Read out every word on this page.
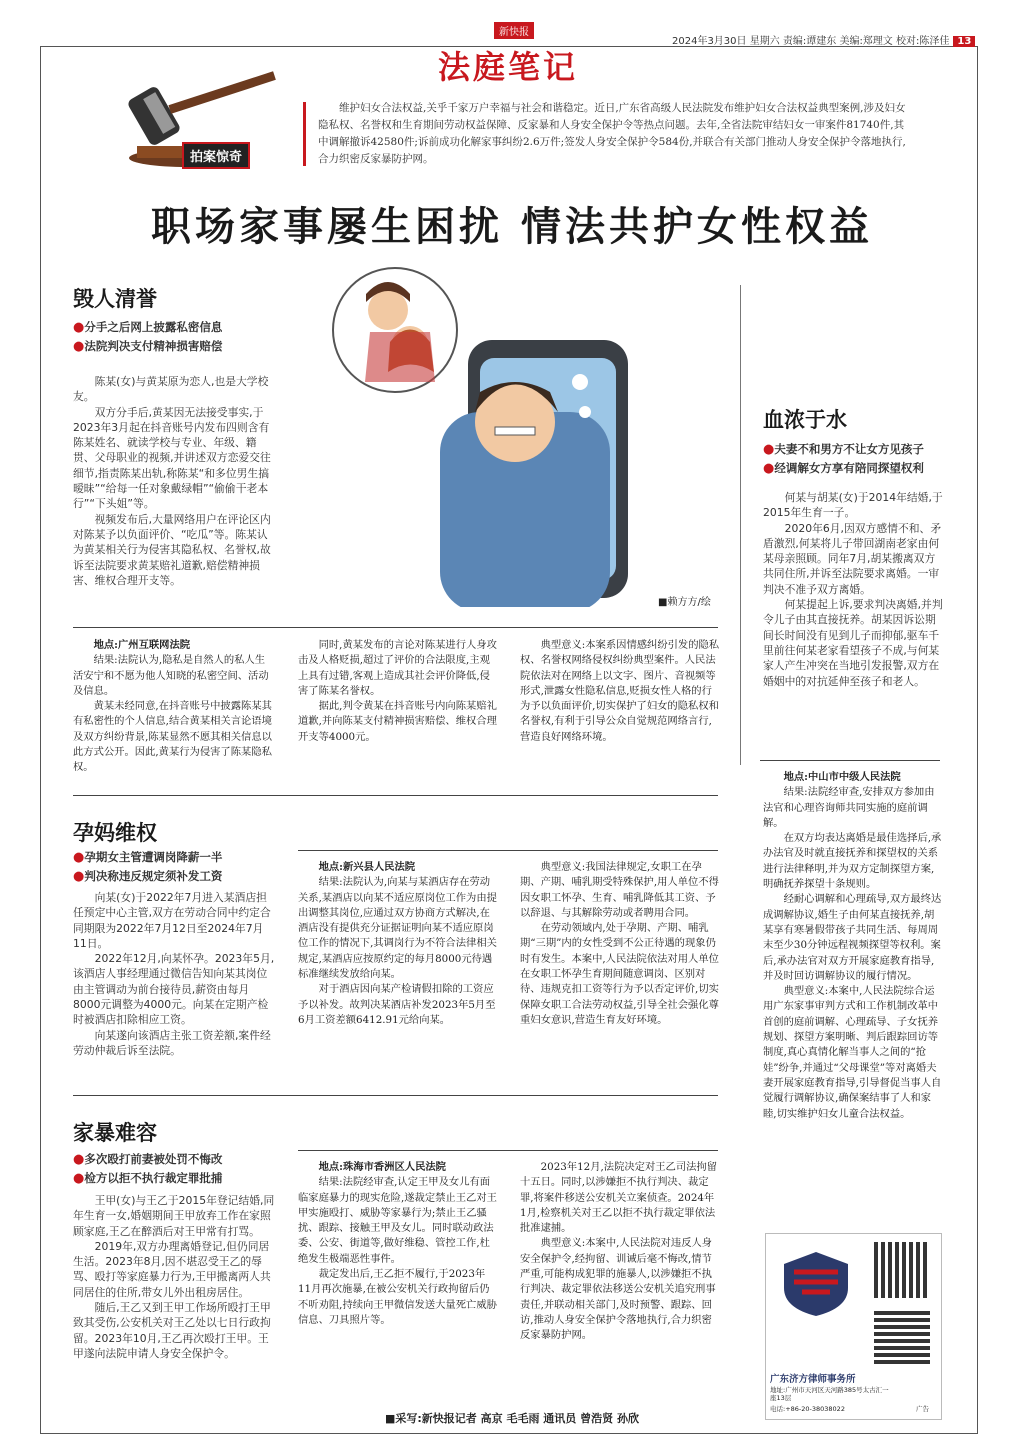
新快报
2024年3月30日 星期六 责编:谭建东 美编:郑理文 校对:陈泽佳 13
法庭笔记
拍案惊奇
维护妇女合法权益,关乎千家万户幸福与社会和谐稳定。近日,广东省高级人民法院发布维护妇女合法权益典型案例,涉及妇女隐私权、名誉权和生育期间劳动权益保障、反家暴和人身安全保护令等热点问题。去年,全省法院审结妇女一审案件81740件,其中调解撤诉42580件;诉前成功化解家事纠纷2.6万件;签发人身安全保护令584份,并联合有关部门推动人身安全保护令落地执行,合力织密反家暴防护网。
职场家事屡生困扰 情法共护女性权益
■赖方方/绘
毁人清誉
●分手之后网上披露私密信息
●法院判决支付精神损害赔偿

陈某(女)与黄某原为恋人,也是大学校友。

双方分手后,黄某因无法接受事实,于2023年3月起在抖音账号内发布四则含有陈某姓名、就读学校与专业、年级、籍贯、父母职业的视频,并讲述双方恋爱交往细节,指责陈某出轨,称陈某“和多位男生搞暧昧”“给每一任对象戴绿帽”“偷偷干老本行”“下头姐”等。

视频发布后,大量网络用户在评论区内对陈某予以负面评价、“吃瓜”等。陈某认为黄某相关行为侵害其隐私权、名誉权,故诉至法院要求黄某赔礼道歉,赔偿精神损害、维权合理开支等。

地点:广州互联网法院

结果:法院认为,隐私是自然人的私人生活安宁和不愿为他人知晓的私密空间、活动及信息。

黄某未经同意,在抖音账号中披露陈某其有私密性的个人信息,结合黄某相关言论语境及双方纠纷背景,陈某显然不愿其相关信息以此方式公开。因此,黄某行为侵害了陈某隐私权。

同时,黄某发布的言论对陈某进行人身攻击及人格贬损,超过了评价的合法限度,主观上具有过错,客观上造成其社会评价降低,侵害了陈某名誉权。

据此,判令黄某在抖音账号内向陈某赔礼道歉,并向陈某支付精神损害赔偿、维权合理开支等4000元。

典型意义:本案系因情感纠纷引发的隐私权、名誉权网络侵权纠纷典型案件。人民法院依法对在网络上以文字、图片、音视频等形式,泄露女性隐私信息,贬损女性人格的行为予以负面评价,切实保护了妇女的隐私权和名誉权,有利于引导公众自觉规范网络言行,营造良好网络环境。

孕妈维权
●孕期女主管遭调岗降薪一半
●判决称违反规定须补发工资

向某(女)于2022年7月进入某酒店担任预定中心主管,双方在劳动合同中约定合同期限为2022年7月12日至2024年7月11日。

2022年12月,向某怀孕。2023年5月,该酒店人事经理通过微信告知向某其岗位由主管调动为前台接待员,薪资由每月8000元调整为4000元。向某在定期产检时被酒店扣除相应工资。

向某遂向该酒店主张工资差额,案件经劳动仲裁后诉至法院。

地点:新兴县人民法院

结果:法院认为,向某与某酒店存在劳动关系,某酒店以向某不适应原岗位工作为由提出调整其岗位,应通过双方协商方式解决,在酒店没有提供充分证据证明向某不适应原岗位工作的情况下,其调岗行为不符合法律相关规定,某酒店应按原约定的每月8000元待遇标准继续发放给向某。

对于酒店因向某产检请假扣除的工资应予以补发。故判决某酒店补发2023年5月至6月工资差额6412.91元给向某。

典型意义:我国法律规定,女职工在孕期、产期、哺乳期受特殊保护,用人单位不得因女职工怀孕、生育、哺乳降低其工资、予以辞退、与其解除劳动或者聘用合同。

在劳动领域内,处于孕期、产期、哺乳期“三期”内的女性受到不公正待遇的现象仍时有发生。本案中,人民法院依法对用人单位在女职工怀孕生育期间随意调岗、区别对待、违规克扣工资等行为予以否定评价,切实保障女职工合法劳动权益,引导全社会强化尊重妇女意识,营造生育友好环境。

家暴难容
●多次殴打前妻被处罚不悔改
●检方以拒不执行裁定罪批捕

王甲(女)与王乙于2015年登记结婚,同年生育一女,婚姻期间王甲放弃工作在家照顾家庭,王乙在醉酒后对王甲常有打骂。

2019年,双方办理离婚登记,但仍同居生活。2023年8月,因不堪忍受王乙的辱骂、殴打等家庭暴力行为,王甲搬离两人共同居住的住所,带女儿外出租房居住。

随后,王乙又到王甲工作场所殴打王甲致其受伤,公安机关对王乙处以七日行政拘留。2023年10月,王乙再次殴打王甲。王甲遂向法院申请人身安全保护令。

地点:珠海市香洲区人民法院

结果:法院经审查,认定王甲及女儿有面临家庭暴力的现实危险,遂裁定禁止王乙对王甲实施殴打、威胁等家暴行为;禁止王乙骚扰、跟踪、接触王甲及女儿。同时联动政法委、公安、街道等,做好维稳、管控工作,杜绝发生极端恶性事件。

裁定发出后,王乙拒不履行,于2023年11月再次施暴,在被公安机关行政拘留后仍不听劝阻,持续向王甲微信发送大量死亡威胁信息、刀具照片等。

2023年12月,法院决定对王乙司法拘留十五日。同时,以涉嫌拒不执行判决、裁定罪,将案件移送公安机关立案侦查。2024年1月,检察机关对王乙以拒不执行裁定罪依法批准逮捕。

典型意义:本案中,人民法院对违反人身安全保护令,经拘留、训诫后毫不悔改,情节严重,可能构成犯罪的施暴人,以涉嫌拒不执行判决、裁定罪依法移送公安机关追究刑事责任,并联动相关部门,及时预警、跟踪、回访,推动人身安全保护令落地执行,合力织密反家暴防护网。

血浓于水
●夫妻不和男方不让女方见孩子
●经调解女方享有陪同探望权利

何某与胡某(女)于2014年结婚,于2015年生育一子。

2020年6月,因双方感情不和、矛盾激烈,何某将儿子带回湖南老家由何某母亲照顾。同年7月,胡某搬离双方共同住所,并诉至法院要求离婚。一审判决不准予双方离婚。

何某提起上诉,要求判决离婚,并判令儿子由其直接抚养。胡某因诉讼期间长时间没有见到儿子而抑郁,驱车千里前往何某老家看望孩子不成,与何某家人产生冲突在当地引发报警,双方在婚姻中的对抗延伸至孩子和老人。

地点:中山市中级人民法院

结果:法院经审查,安排双方参加由法官和心理咨询师共同实施的庭前调解。

在双方均表达离婚是最佳选择后,承办法官及时就直接抚养和探望权的关系进行法律释明,并为双方定制探望方案,明确抚养探望十条规则。

经耐心调解和心理疏导,双方最终达成调解协议,婚生子由何某直接抚养,胡某享有寒暑假带孩子共同生活、每周周末至少30分钟远程视频探望等权利。案后,承办法官对双方开展家庭教育指导,并及时回访调解协议的履行情况。

典型意义:本案中,人民法院综合运用广东家事审判方式和工作机制改革中首创的庭前调解、心理疏导、子女抚养规划、探望方案明晰、判后跟踪回访等制度,真心真情化解当事人之间的“抢娃”纷争,并通过“父母课堂”等对离婚夫妻开展家庭教育指导,引导督促当事人自觉履行调解协议,确保案结事了人和家睦,切实维护妇女儿童合法权益。

广东济方律师事务所
地址:广州市天河区天河路385号太古汇一座13层
电话:+86-20-38038022	广告
■采写:新快报记者 高京 毛毛雨 通讯员 曾浩贤 孙欣
